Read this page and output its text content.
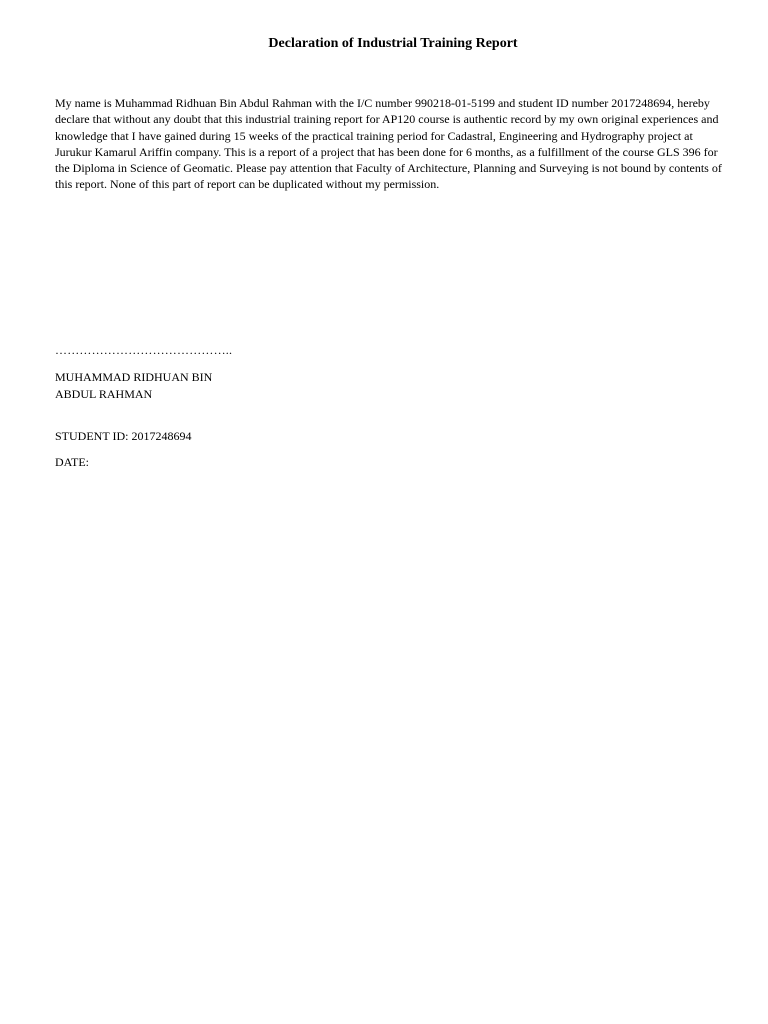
Declaration of Industrial Training Report

My name is Muhammad Ridhuan Bin Abdul Rahman with the I/C number 990218-01-5199 and student ID number 2017248694, hereby declare that without any doubt that this industrial training report for AP120 course is authentic record by my own original experiences and knowledge that I have gained during 15 weeks of the practical training period for Cadastral, Engineering and Hydrography project at Jurukur Kamarul Ariffin company. This is a report of a project that has been done for 6 months, as a fulfillment of the course GLS 396 for the Diploma in Science of Geomatic. Please pay attention that Faculty of Architecture, Planning and Surveying is not bound by contents of this report. None of this part of report can be duplicated without my permission.

……………………………………..

MUHAMMAD RIDHUAN BIN
ABDUL RAHMAN

STUDENT ID: 2017248694

DATE:
